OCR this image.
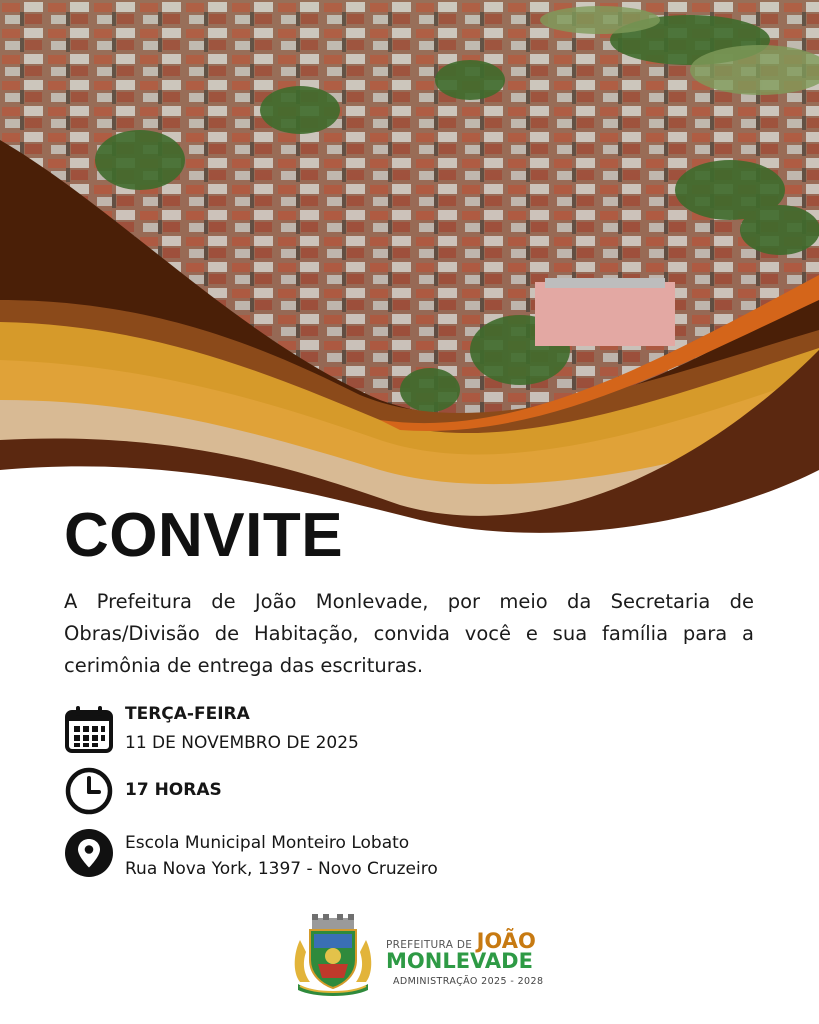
CONVITE

A Prefeitura de João Monlevade, por meio da Secretaria de Obras/Divisão de Habitação, convida você e sua família para a cerimônia de entrega das escrituras.

TERÇA-FEIRA
11 DE NOVEMBRO DE 2025
17 HORAS
Escola Municipal Monteiro Lobato
Rua Nova York, 1397 - Novo Cruzeiro
PREFEITURA DE JOÃO
MONLEVADE
ADMINISTRAÇÃO 2025 - 2028
